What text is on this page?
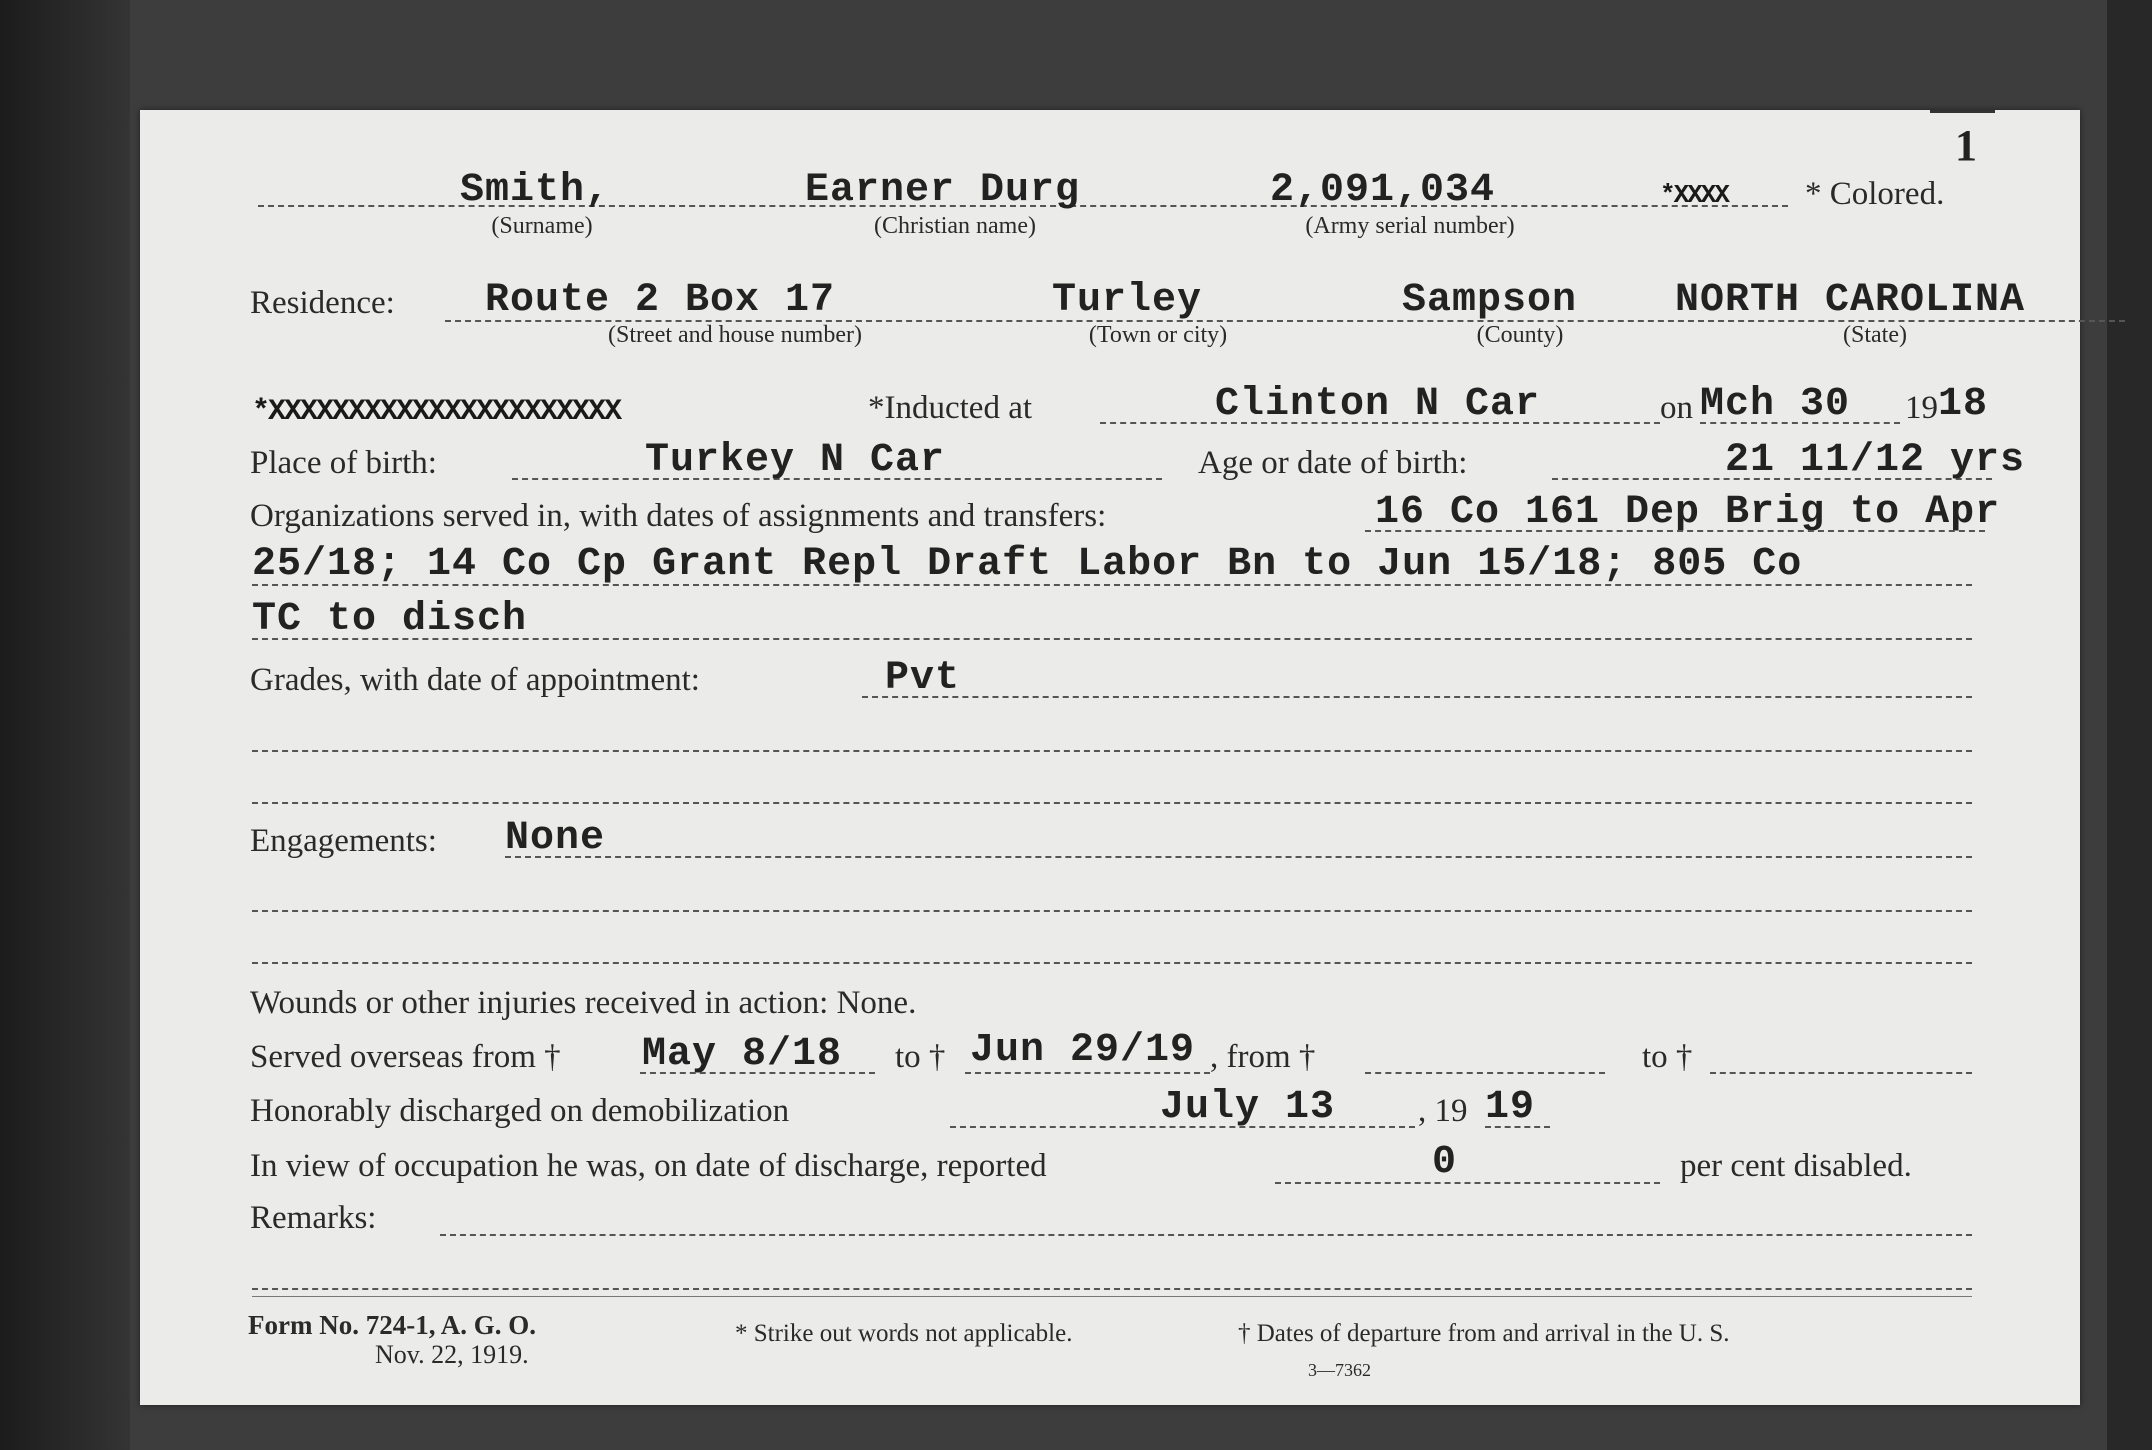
1
Smith,	Earner Durg	2,091,034	*XXXX * Colored.
(Surname)	(Christian name)	(Army serial number)
Residence: Route 2 Box 17	Turley	Sampson NORTH CAROLINA
(Street and house number)	(Town or city)	(County)	(State)
*XXXXXXXXXXXXXXXXXXXXXX	*Inducted at	Clinton N Car	on Mch 30 19 18
Place of birth:	Turkey N Car	Age or date of birth:	21 11/12 yrs
Organizations served in, with dates of assignments and transfers:	16 Co 161 Dep Brig to Apr
25/18; 14 Co Cp Grant Repl Draft Labor Bn to Jun 15/18; 805 Co
TC to disch
Grades, with date of appointment:	Pvt
Engagements: None
Wounds or other injuries received in action: None.
Served overseas from † May 8/18 to † Jun 29/19 , from †	to †
Honorably discharged on demobilization	July 13	, 19 19
In view of occupation he was, on date of discharge, reported	0	per cent disabled.
Remarks:
Form No. 724-1, A. G. O.
Nov. 22, 1919.
* Strike out words not applicable.	† Dates of departure from and arrival in the U. S.
3—7362
